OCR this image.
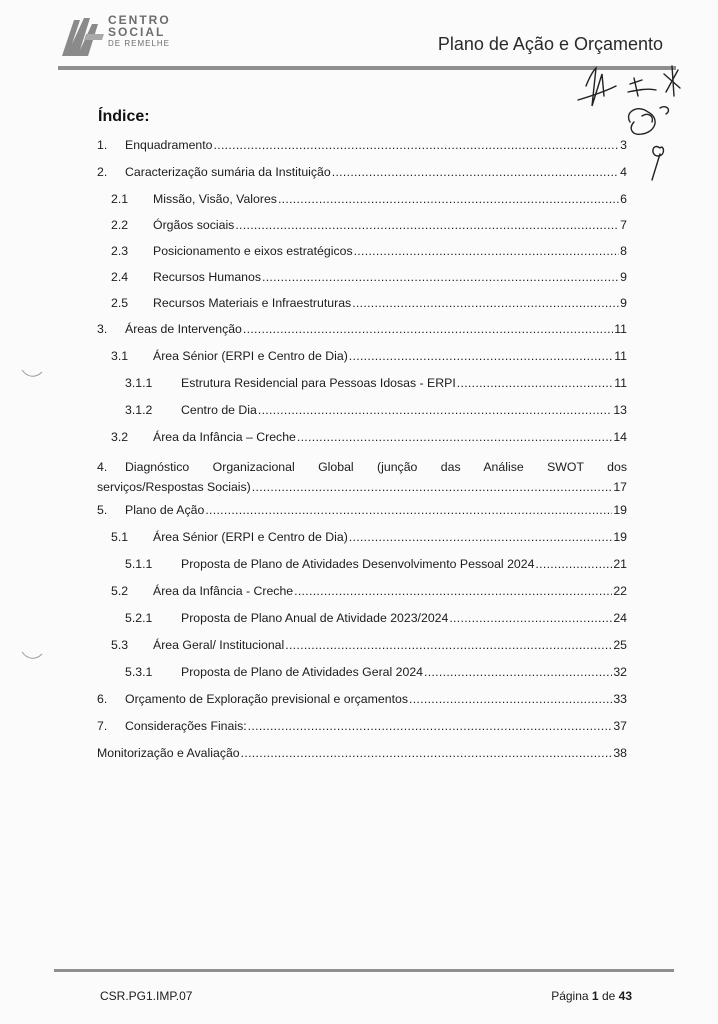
CENTRO
SOCIAL
DE REMELHE	Plano de Ação e Orçamento
Índice:
1.	Enquadramento .....	3
2.	Caracterização sumária da Instituição .....	4
2.1	Missão, Visão, Valores .....	6
2.2	Órgãos sociais .....	7
2.3	Posicionamento e eixos estratégicos .....	8
2.4	Recursos Humanos .....	9
2.5	Recursos Materiais e Infraestruturas .....	9
3.	Áreas de Intervenção .....	11
3.1	Área Sénior (ERPI e Centro de Dia) .....	11
3.1.1	Estrutura Residencial para Pessoas Idosas - ERPI .....	11
3.1.2	Centro de Dia .....	13
3.2	Área da Infância – Creche .....	14
4.	Diagnóstico Organizacional Global (junção das Análise SWOT dos
serviços/Respostas Sociais) .....	17
5.	Plano de Ação .....	19
5.1	Área Sénior (ERPI e Centro de Dia) .....	19
5.1.1	Proposta de Plano de Atividades Desenvolvimento Pessoal 2024 .....	21
5.2	Área da Infância - Creche .....	22
5.2.1	Proposta de Plano Anual de Atividade 2023/2024 .....	24
5.3	Área Geral/ Institucional .....	25
5.3.1	Proposta de Plano de Atividades Geral 2024 .....	32
6.	Orçamento de Exploração previsional e orçamentos .....	33
7.	Considerações Finais: .....	37
Monitorização e Avaliação .....	38
CSR.PG1.IMP.07	Página 1 de 43
